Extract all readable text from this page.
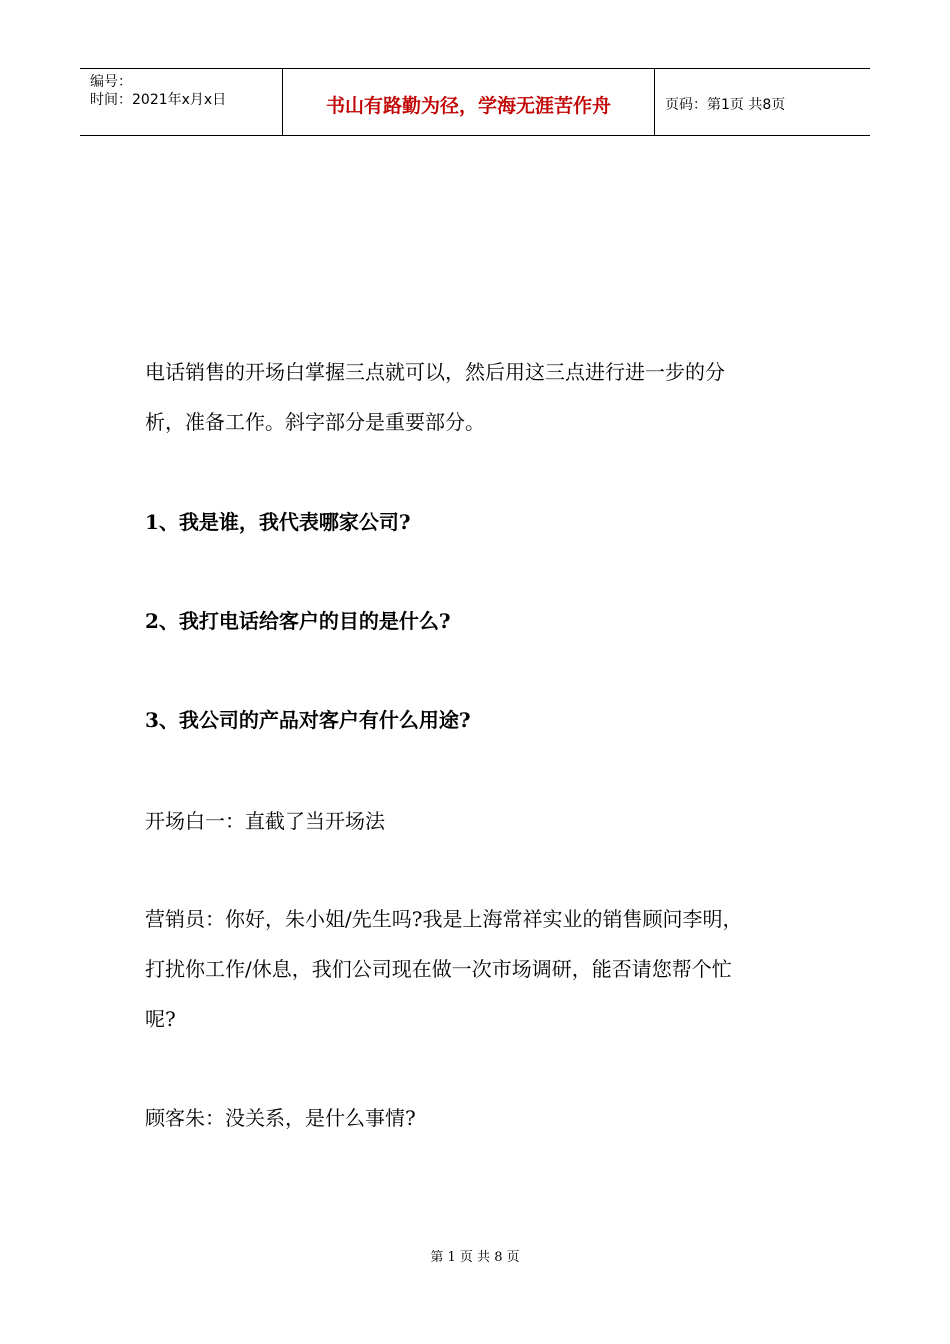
编号：
时间：2021年x月x日	书山有路勤为径，学海无涯苦作舟	页码：第1页 共8页
电话销售的开场白掌握三点就可以，然后用这三点进行进一步的分
析，准备工作。斜字部分是重要部分。
1、我是谁，我代表哪家公司?
2、我打电话给客户的目的是什么?
3、我公司的产品对客户有什么用途?
开场白一：直截了当开场法
营销员：你好，朱小姐/先生吗?我是上海常祥实业的销售顾问李明，
打扰你工作/休息，我们公司现在做一次市场调研，能否请您帮个忙
呢?
顾客朱：没关系，是什么事情?
第 1 页 共 8 页
